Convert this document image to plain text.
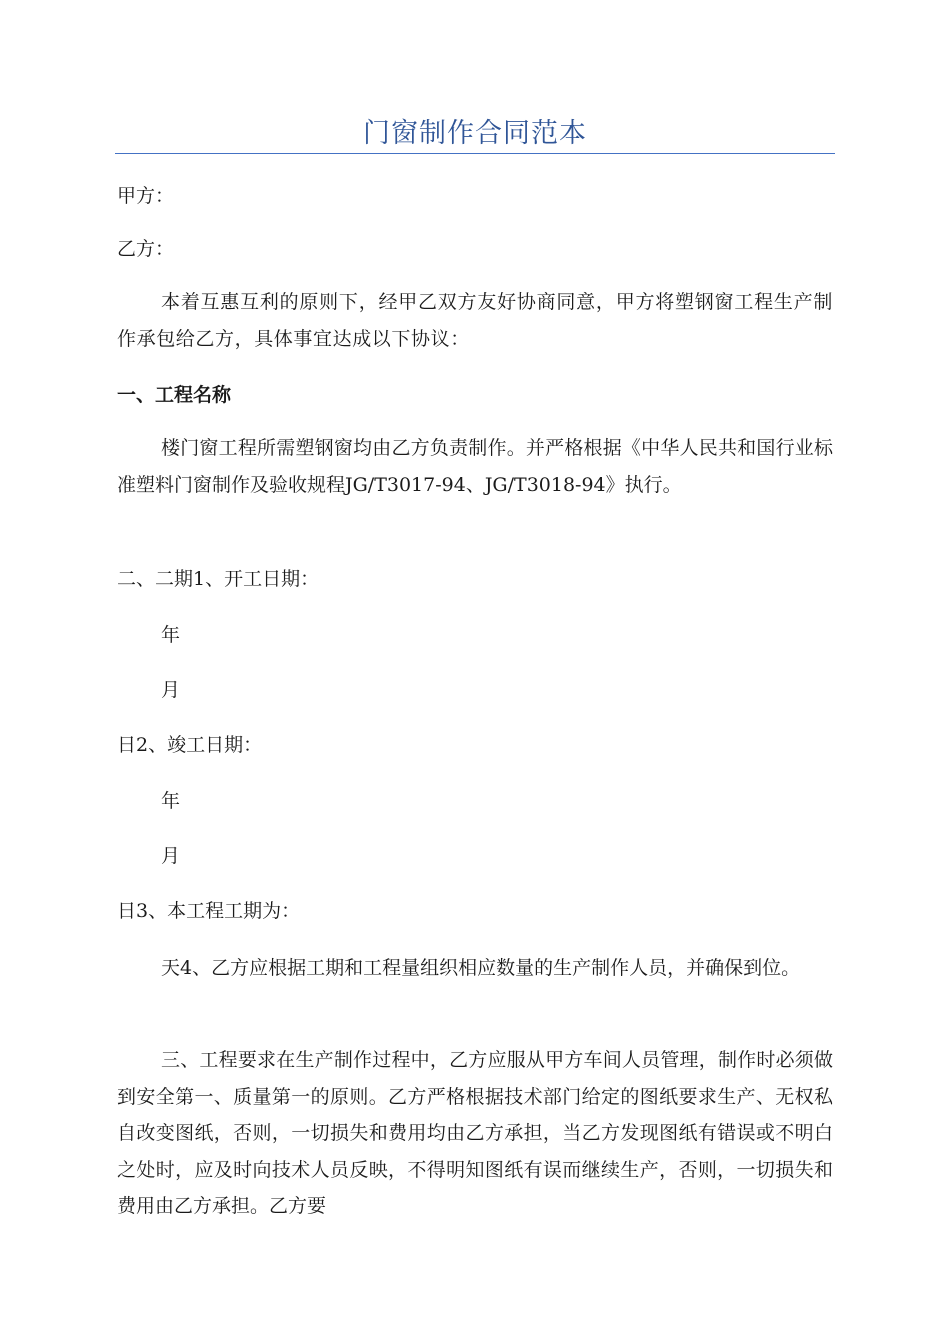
门窗制作合同范本
甲方：
乙方：
本着互惠互利的原则下，经甲乙双方友好协商同意，甲方将塑钢窗工程生产制作承包给乙方，具体事宜达成以下协议：
一、工程名称
楼门窗工程所需塑钢窗均由乙方负责制作。并严格根据《中华人民共和国行业标准塑料门窗制作及验收规程JG/T3017-94、JG/T3018-94》执行。
二、二期1、开工日期：
年
月
日2、竣工日期：
年
月
日3、本工程工期为：
天4、乙方应根据工期和工程量组织相应数量的生产制作人员，并确保到位。
三、工程要求在生产制作过程中，乙方应服从甲方车间人员管理，制作时必须做到安全第一、质量第一的原则。乙方严格根据技术部门给定的图纸要求生产、无权私自改变图纸，否则，一切损失和费用均由乙方承担，当乙方发现图纸有错误或不明白之处时，应及时向技术人员反映，不得明知图纸有误而继续生产，否则，一切损失和费用由乙方承担。乙方要
